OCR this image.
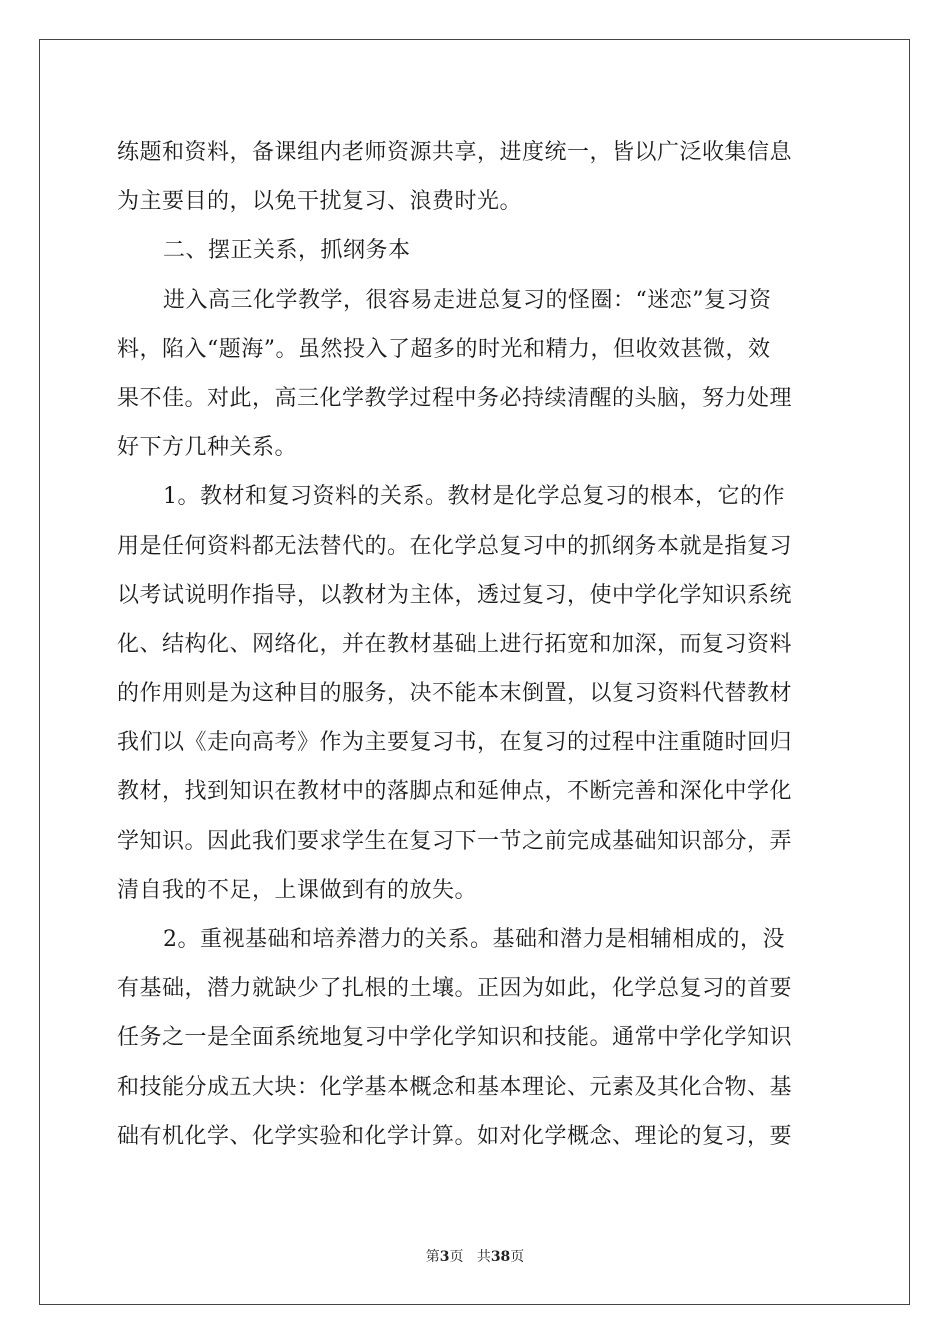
练题和资料，备课组内老师资源共享，进度统一，皆以广泛收集信息
为主要目的，以免干扰复习、浪费时光。
二、摆正关系，抓纲务本
进入高三化学教学，很容易走进总复习的怪圈：“迷恋”复习资
料，陷入“题海”。虽然投入了超多的时光和精力，但收效甚微，效
果不佳。对此，高三化学教学过程中务必持续清醒的头脑，努力处理
好下方几种关系。
1。教材和复习资料的关系。教材是化学总复习的根本，它的作
用是任何资料都无法替代的。在化学总复习中的抓纲务本就是指复习
以考试说明作指导，以教材为主体，透过复习，使中学化学知识系统
化、结构化、网络化，并在教材基础上进行拓宽和加深，而复习资料
的作用则是为这种目的服务，决不能本末倒置，以复习资料代替教材
我们以《走向高考》作为主要复习书，在复习的过程中注重随时回归
教材，找到知识在教材中的落脚点和延伸点，不断完善和深化中学化
学知识。因此我们要求学生在复习下一节之前完成基础知识部分，弄
清自我的不足，上课做到有的放失。
2。重视基础和培养潜力的关系。基础和潜力是相辅相成的，没
有基础，潜力就缺少了扎根的土壤。正因为如此，化学总复习的首要
任务之一是全面系统地复习中学化学知识和技能。通常中学化学知识
和技能分成五大块：化学基本概念和基本理论、元素及其化合物、基
础有机化学、化学实验和化学计算。如对化学概念、理论的复习，要
第3页 共38页
